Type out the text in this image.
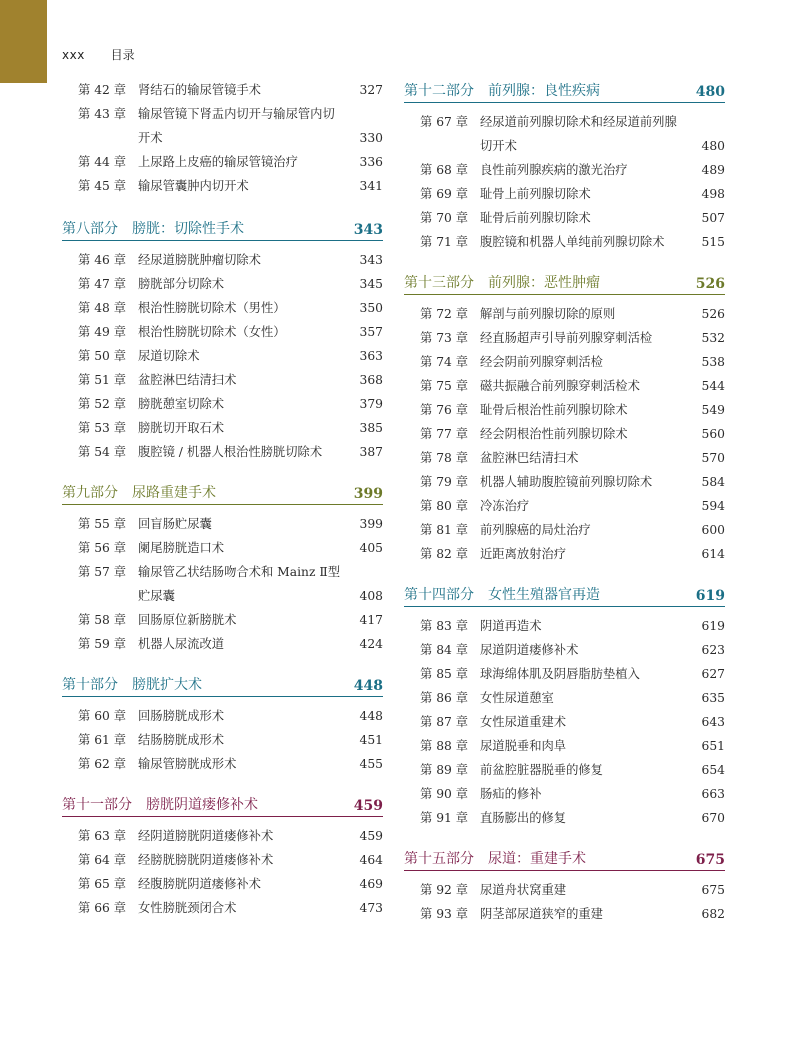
xxx 目录
第 42 章 肾结石的输尿管镜手术	327
第 43 章 输尿管镜下肾盂内切开与输尿管内切开术	330
第 44 章 上尿路上皮癌的输尿管镜治疗	336
第 45 章 输尿管囊肿内切开术	341
第八部分 膀胱：切除性手术	343
第 46 章 经尿道膀胱肿瘤切除术	343
第 47 章 膀胱部分切除术	345
第 48 章 根治性膀胱切除术（男性）	350
第 49 章 根治性膀胱切除术（女性）	357
第 50 章 尿道切除术	363
第 51 章 盆腔淋巴结清扫术	368
第 52 章 膀胱憩室切除术	379
第 53 章 膀胱切开取石术	385
第 54 章 腹腔镜 / 机器人根治性膀胱切除术	387
第九部分 尿路重建手术	399
第 55 章 回盲肠贮尿囊	399
第 56 章 阑尾膀胱造口术	405
第 57 章 输尿管乙状结肠吻合术和 Mainz Ⅱ型贮尿囊	408
第 58 章 回肠原位新膀胱术	417
第 59 章 机器人尿流改道	424
第十部分 膀胱扩大术	448
第 60 章 回肠膀胱成形术	448
第 61 章 结肠膀胱成形术	451
第 62 章 输尿管膀胱成形术	455
第十一部分 膀胱阴道瘘修补术	459
第 63 章 经阴道膀胱阴道瘘修补术	459
第 64 章 经膀胱膀胱阴道瘘修补术	464
第 65 章 经腹膀胱阴道瘘修补术	469
第 66 章 女性膀胱颈闭合术	473
第十二部分 前列腺：良性疾病	480
第 67 章 经尿道前列腺切除术和经尿道前列腺切开术	480
第 68 章 良性前列腺疾病的激光治疗	489
第 69 章 耻骨上前列腺切除术	498
第 70 章 耻骨后前列腺切除术	507
第 71 章 腹腔镜和机器人单纯前列腺切除术	515
第十三部分 前列腺：恶性肿瘤	526
第 72 章 解剖与前列腺切除的原则	526
第 73 章 经直肠超声引导前列腺穿刺活检	532
第 74 章 经会阴前列腺穿刺活检	538
第 75 章 磁共振融合前列腺穿刺活检术	544
第 76 章 耻骨后根治性前列腺切除术	549
第 77 章 经会阴根治性前列腺切除术	560
第 78 章 盆腔淋巴结清扫术	570
第 79 章 机器人辅助腹腔镜前列腺切除术	584
第 80 章 冷冻治疗	594
第 81 章 前列腺癌的局灶治疗	600
第 82 章 近距离放射治疗	614
第十四部分 女性生殖器官再造	619
第 83 章 阴道再造术	619
第 84 章 尿道阴道瘘修补术	623
第 85 章 球海绵体肌及阴唇脂肪垫植入	627
第 86 章 女性尿道憩室	635
第 87 章 女性尿道重建术	643
第 88 章 尿道脱垂和肉阜	651
第 89 章 前盆腔脏器脱垂的修复	654
第 90 章 肠疝的修补	663
第 91 章 直肠膨出的修复	670
第十五部分 尿道：重建手术	675
第 92 章 尿道舟状窝重建	675
第 93 章 阴茎部尿道狭窄的重建	682
